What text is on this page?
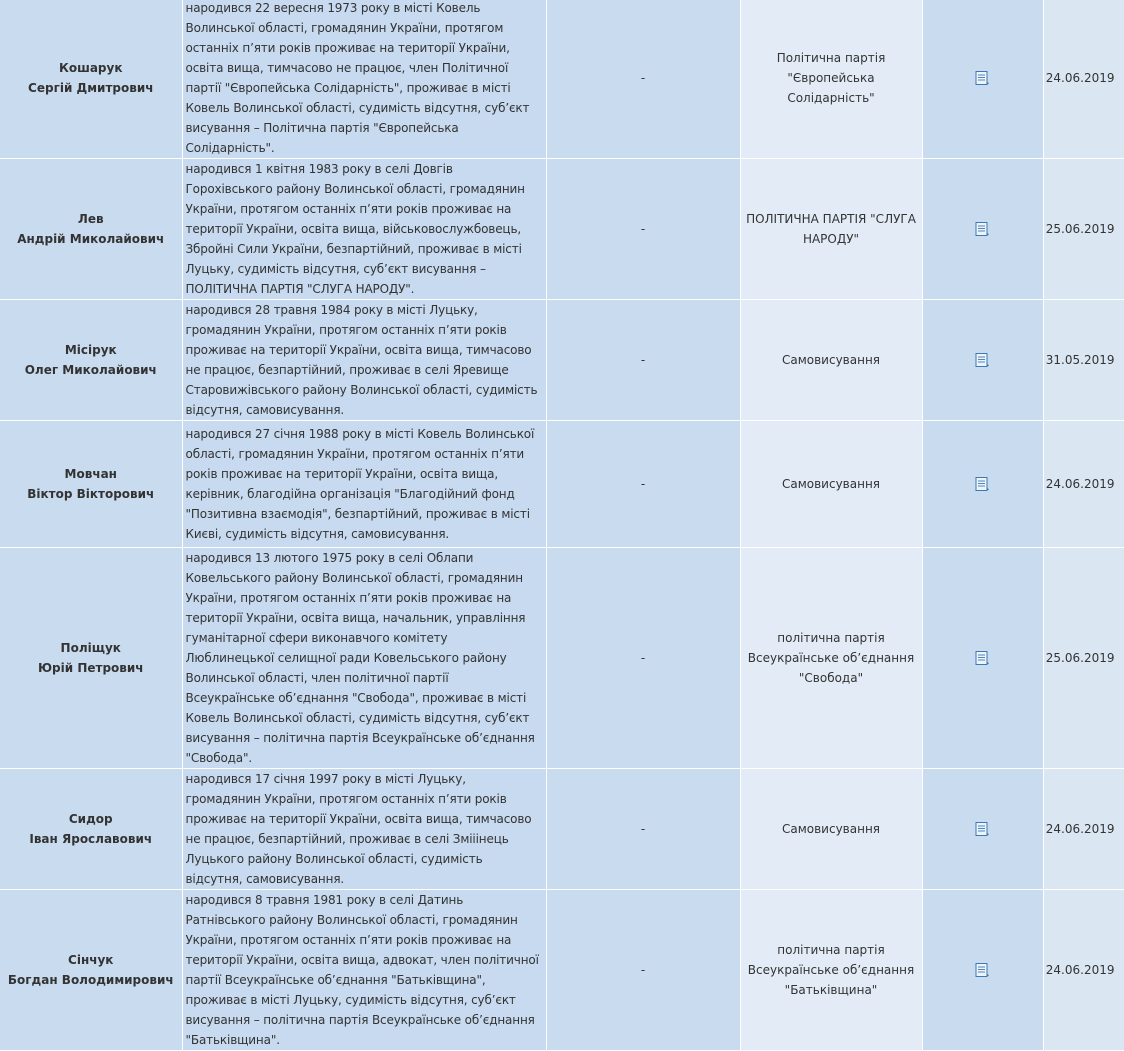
Кошарук
Сергій Дмитрович	народився 22 вересня 1973 року в місті Ковель Волинської області, громадянин України, протягом останніх п’яти років проживає на території України, освіта вища, тимчасово не працює, член Політичної партії "Європейська Солідарність", проживає в місті Ковель Волинської області, судимість відсутня, суб’єкт висування – Політична партія "Європейська Солідарність".	-	Політична партія "Європейська Солідарність"		24.06.2019

Лев
Андрій Миколайович	народився 1 квітня 1983 року в селі Довгів Горохівського району Волинської області, громадянин України, протягом останніх п’яти років проживає на території України, освіта вища, військовослужбовець, Збройні Сили України, безпартійний, проживає в місті Луцьку, судимість відсутня, суб’єкт висування – ПОЛІТИЧНА ПАРТІЯ "СЛУГА НАРОДУ".	-	ПОЛІТИЧНА ПАРТІЯ "СЛУГА НАРОДУ"		25.06.2019

Місірук
Олег Миколайович	народився 28 травня 1984 року в місті Луцьку, громадянин України, протягом останніх п’яти років проживає на території України, освіта вища, тимчасово не працює, безпартійний, проживає в селі Яревище Старовижівського району Волинської області, судимість відсутня, самовисування.	-	Самовисування		31.05.2019

Мовчан
Віктор Вікторович	народився 27 січня 1988 року в місті Ковель Волинської області, громадянин України, протягом останніх п’яти років проживає на території України, освіта вища, керівник, благодійна організація "Благодійний фонд "Позитивна взаємодія", безпартійний, проживає в місті Києві, судимість відсутня, самовисування.	-	Самовисування		24.06.2019

Поліщук
Юрій Петрович	народився 13 лютого 1975 року в селі Облапи Ковельського району Волинської області, громадянин України, протягом останніх п’яти років проживає на території України, освіта вища, начальник, управління гуманітарної сфери виконавчого комітету Люблинецької селищної ради Ковельського району Волинської області, член політичної партії Всеукраїнське об’єднання "Свобода", проживає в місті Ковель Волинської області, судимість відсутня, суб’єкт висування – політична партія Всеукраїнське об’єднання "Свобода".	-	політична партія Всеукраїнське об’єднання "Свобода"		25.06.2019

Сидор
Іван Ярославович	народився 17 січня 1997 року в місті Луцьку, громадянин України, протягом останніх п’яти років проживає на території України, освіта вища, тимчасово не працює, безпартійний, проживає в селі Змііінець Луцького району Волинської області, судимість відсутня, самовисування.	-	Самовисування		24.06.2019

Сінчук
Богдан Володимирович	народився 8 травня 1981 року в селі Датинь Ратнівського району Волинської області, громадянин України, протягом останніх п’яти років проживає на території України, освіта вища, адвокат, член політичної партії Всеукраїнське об’єднання "Батьківщина", проживає в місті Луцьку, судимість відсутня, суб’єкт висування – політична партія Всеукраїнське об’єднання "Батьківщина".	-	політична партія Всеукраїнське об’єднання "Батьківщина"		24.06.2019
